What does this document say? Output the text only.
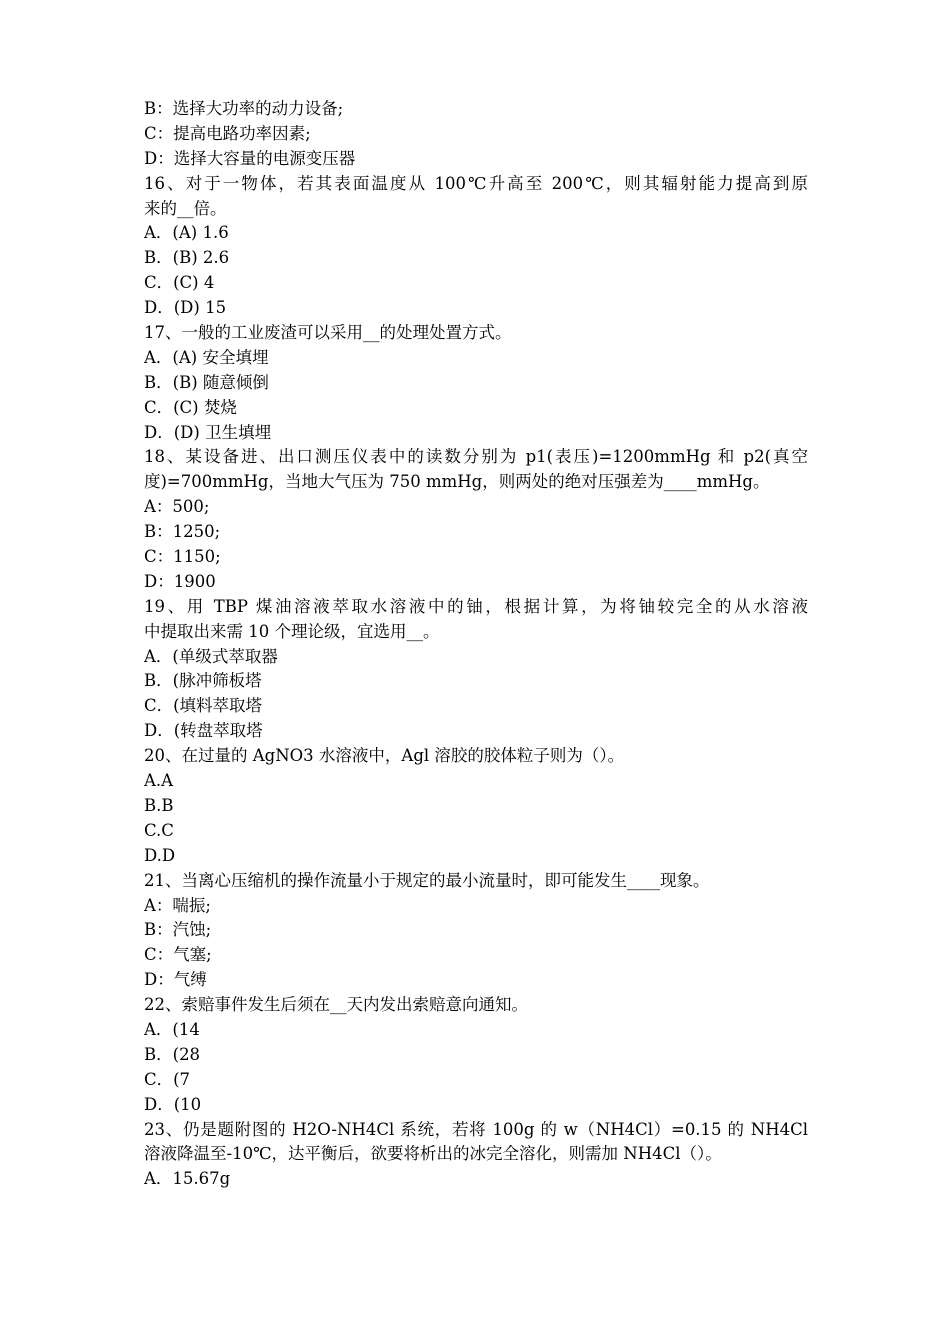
B：选择大功率的动力设备;
C：提高电路功率因素;
D：选择大容量的电源变压器
16、对于一物体，若其表面温度从 100℃升高至 200℃，则其辐射能力提高到原
来的__倍。
A．(A) 1.6
B．(B) 2.6
C．(C) 4
D．(D) 15
17、一般的工业废渣可以采用__的处理处置方式。
A．(A) 安全填埋
B．(B) 随意倾倒
C．(C) 焚烧
D．(D) 卫生填埋
18、某设备进、出口测压仪表中的读数分别为 p1(表压)=1200mmHg 和 p2(真空
度)=700mmHg，当地大气压为 750 mmHg，则两处的绝对压强差为____mmHg。
A：500;
B：1250;
C：1150;
D：1900
19、用 TBP 煤油溶液萃取水溶液中的铀，根据计算，为将铀较完全的从水溶液
中提取出来需 10 个理论级，宜选用__。
A．(单级式萃取器
B．(脉冲筛板塔
C．(填料萃取塔
D．(转盘萃取塔
20、在过量的 AgNO3 水溶液中，Agl 溶胶的胶体粒子则为（）。
A.A
B.B
C.C
D.D
21、当离心压缩机的操作流量小于规定的最小流量时，即可能发生____现象。
A：喘振;
B：汽蚀;
C：气塞;
D：气缚
22、索赔事件发生后须在__天内发出索赔意向通知。
A．(14
B．(28
C．(7
D．(10
23、仍是题附图的 H2O-NH4Cl 系统，若将 100g 的 w（NH4Cl）=0.15 的 NH4Cl
溶液降温至-10℃，达平衡后，欲要将析出的冰完全溶化，则需加 NH4Cl（）。
A．15.67g
